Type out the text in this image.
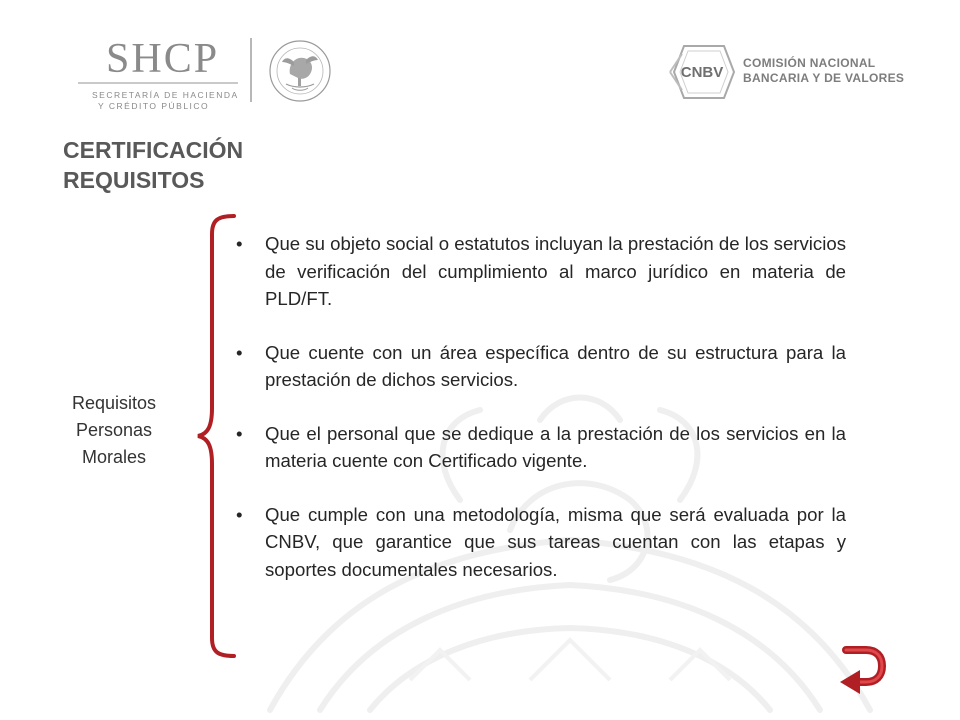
SHCP
SECRETARÍA DE HACIENDA
Y CRÉDITO PÚBLICO
CNBV
COMISIÓN NACIONAL
BANCARIA Y DE VALORES
CERTIFICACIÓN
REQUISITOS
Requisitos
Personas
Morales
• Que su objeto social o estatutos incluyan la prestación de los servicios de verificación del cumplimiento al marco jurídico en materia de PLD/FT.
• Que cuente con un área específica dentro de su estructura para la prestación de dichos servicios.
• Que el personal que se dedique a la prestación de los servicios en la materia cuente con Certificado vigente.
• Que cumple con una metodología, misma que será evaluada por la CNBV, que garantice que sus tareas cuentan con las etapas y soportes documentales necesarios.
